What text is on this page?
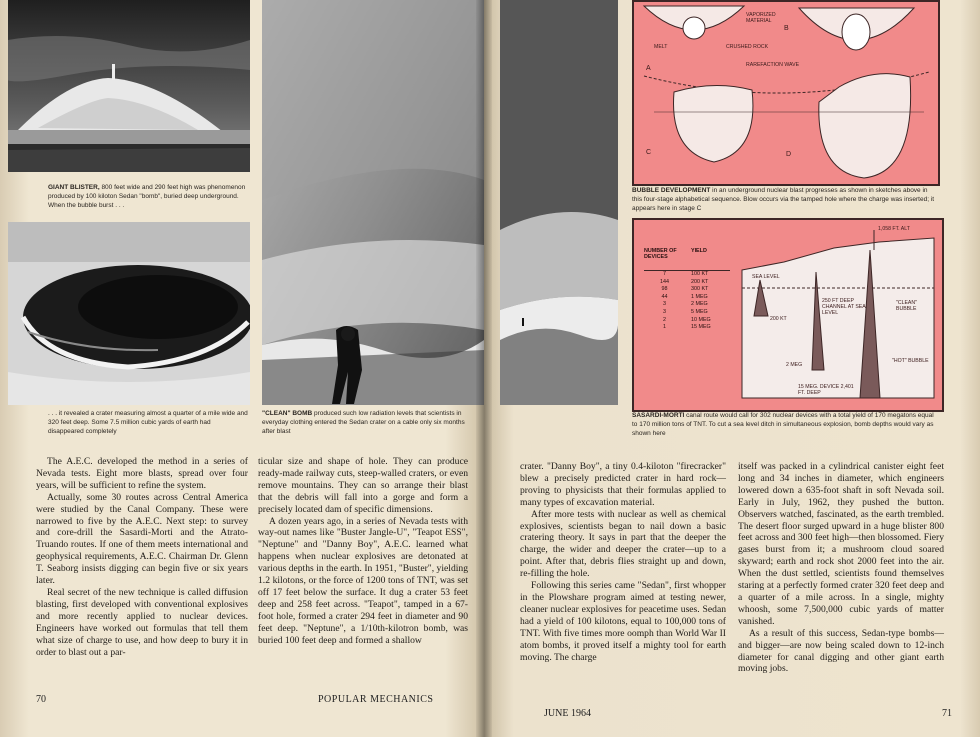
GIANT BLISTER, 800 feet wide and 290 feet high was phenomenon produced by 100 kiloton Sedan "bomb", buried deep underground. When the bubble burst . . .
. . . it revealed a crater measuring almost a quarter of a mile wide and 320 feet deep. Some 7.5 million cubic yards of earth had disappeared completely
"CLEAN" BOMB produced such low radiation levels that scientists in everyday clothing entered the Sedan crater on a cable only six months after blast

The A.E.C. developed the method in a series of Nevada tests. Eight more blasts, spread over four years, will be sufficient to refine the system.

Actually, some 30 routes across Central America were studied by the Canal Company. These were narrowed to five by the A.E.C. Next step: to survey and core-drill the Sasardi-Morti and the Atrato-Truando routes. If one of them meets international and geophysical requirements, A.E.C. Chairman Dr. Glenn T. Seaborg insists digging can begin five or six years later.

Real secret of the new technique is called diffusion blasting, first developed with conventional explosives and more recently applied to nuclear devices. Engineers have worked out formulas that tell them what size of charge to use, and how deep to bury it in order to blast out a par-

ticular size and shape of hole. They can produce ready-made railway cuts, steep-walled craters, or even remove mountains. They can so arrange their blast that the debris will fall into a gorge and form a precisely located dam of specific dimensions.

A dozen years ago, in a series of Nevada tests with way-out names like "Buster Jangle-U", "Teapot ESS", "Neptune" and "Danny Boy", A.E.C. learned what happens when nuclear explosives are detonated at various depths in the earth. In 1951, "Buster", yielding 1.2 kilotons, or the force of 1200 tons of TNT, was set off 17 feet below the surface. It dug a crater 53 feet deep and 258 feet across. "Teapot", tamped in a 67-foot hole, formed a crater 294 feet in diameter and 90 feet deep. "Neptune", a 1/10th-kilotron bomb, was buried 100 feet deep and formed a shallow

70	POPULAR MECHANICS
VAPORIZED MATERIAL
MELT	CRUSHED ROCK
RAREFACTION WAVE
A
B
C	D
BUBBLE DEVELOPMENT in an underground nuclear blast progresses as shown in sketches above in this four-stage alphabetical sequence. Blow occurs via the tamped hole where the charge was inserted; it appears here in stage C
NUMBER OF DEVICES
YIELD
7	100 KT
144	200 KT
98	300 KT
44	1 MEG
3	2 MEG
3	5 MEG
2	10 MEG
1	15 MEG
1,058 FT. ALT
SEA LEVEL
250 FT DEEP CHANNEL AT SEA LEVEL
"CLEAN" BUBBLE
200 KT
2 MEG
"HOT" BUBBLE
15 MEG. DEVICE 2,401 FT. DEEP
SASARDI-MORTI canal route would call for 302 nuclear devices with a total yield of 170 megatons equal to 170 million tons of TNT. To cut a sea level ditch in simultaneous explosion, bomb depths would vary as shown here

crater. "Danny Boy", a tiny 0.4-kiloton "firecracker" blew a precisely predicted crater in hard rock—proving to physicists that their formulas applied to many types of excavation material.

After more tests with nuclear as well as chemical explosives, scientists began to nail down a basic cratering theory. It says in part that the deeper the charge, the wider and deeper the crater—up to a point. After that, debris flies straight up and down, re-filling the hole.

Following this series came "Sedan", first whopper in the Plowshare program aimed at testing newer, cleaner nuclear explosives for peacetime uses. Sedan had a yield of 100 kilotons, equal to 100,000 tons of TNT. With five times more oomph than World War II atom bombs, it proved itself a mighty tool for earth moving. The charge

itself was packed in a cylindrical canister eight feet long and 34 inches in diameter, which engineers lowered down a 635-foot shaft in soft Nevada soil. Early in July, 1962, they pushed the button. Observers watched, fascinated, as the earth trembled. The desert floor surged upward in a huge blister 800 feet across and 300 feet high—then blossomed. Fiery gases burst from it; a mushroom cloud soared skyward; earth and rock shot 2000 feet into the air. When the dust settled, scientists found themselves staring at a perfectly formed crater 320 feet deep and a quarter of a mile across. In a single, mighty whoosh, some 7,500,000 cubic yards of matter vanished.

As a result of this success, Sedan-type bombs—and bigger—are now being scaled down to 12-inch diameter for canal digging and other giant earth moving jobs.

JUNE 1964	71
